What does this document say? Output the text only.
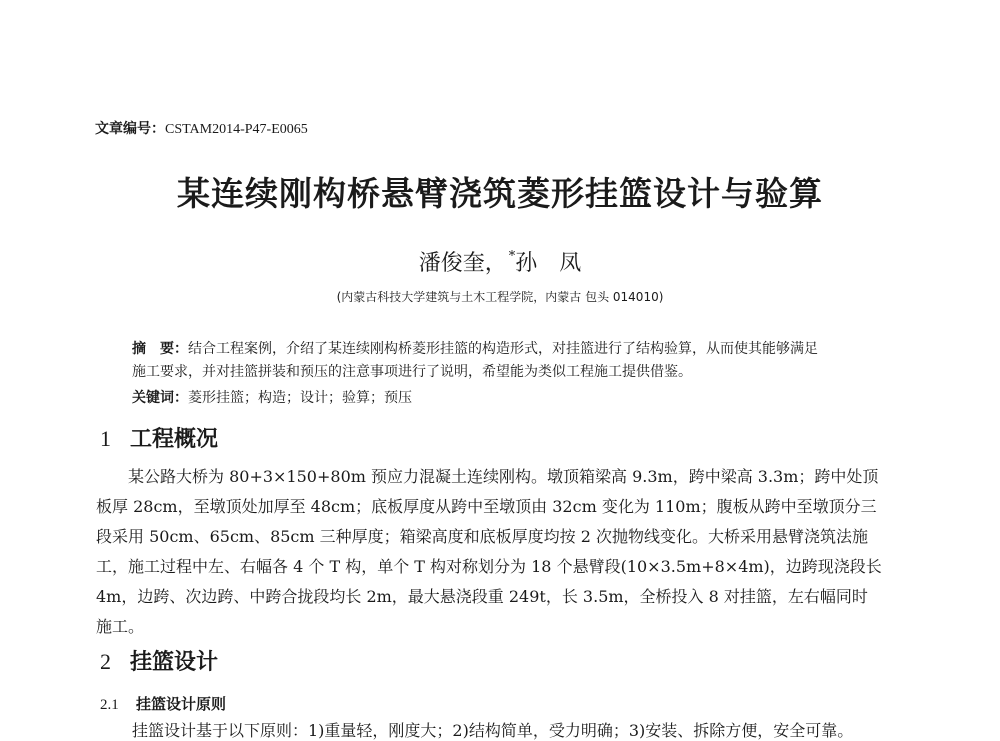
文章编号：CSTAM2014-P47-E0065
某连续刚构桥悬臂浇筑菱形挂篮设计与验算
潘俊奎， *孙　凤
(内蒙古科技大学建筑与土木工程学院，内蒙古 包头 014010)
摘　要：结合工程案例，介绍了某连续刚构桥菱形挂篮的构造形式，对挂篮进行了结构验算，从而使其能够满足
施工要求，并对挂篮拼装和预压的注意事项进行了说明，希望能为类似工程施工提供借鉴。
关键词：菱形挂篮；构造；设计；验算；预压
1 工程概况
　　某公路大桥为 80+3×150+80m 预应力混凝土连续刚构。墩顶箱梁高 9.3m，跨中梁高 3.3m；跨中处顶
板厚 28cm，至墩顶处加厚至 48cm；底板厚度从跨中至墩顶由 32cm 变化为 110m；腹板从跨中至墩顶分三
段采用 50cm、65cm、85cm 三种厚度；箱梁高度和底板厚度均按 2 次抛物线变化。大桥采用悬臂浇筑法施
工，施工过程中左、右幅各 4 个 T 构，单个 T 构对称划分为 18 个悬臂段(10×3.5m+8×4m)，边跨现浇段长
4m，边跨、次边跨、中跨合拢段均长 2m，最大悬浇段重 249t，长 3.5m，全桥投入 8 对挂篮，左右幅同时
施工。
2 挂篮设计
2.1 挂篮设计原则
挂篮设计基于以下原则：1)重量轻，刚度大；2)结构简单，受力明确；3)安装、拆除方便，安全可靠。
